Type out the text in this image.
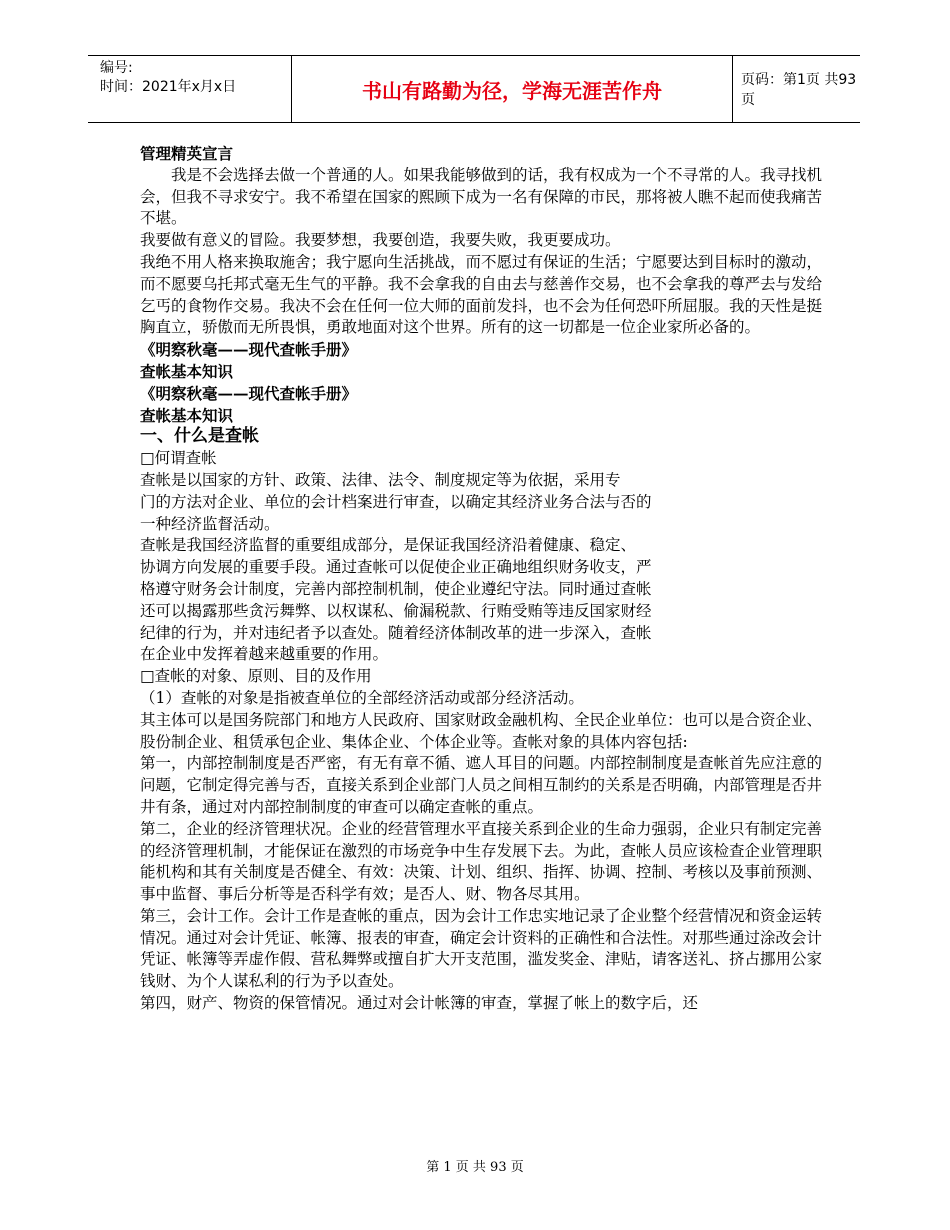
编号:
时间：2021年x月x日	书山有路勤为径，学海无涯苦作舟	页码：第1页 共93页

管理精英宣言

我是不会选择去做一个普通的人。如果我能够做到的话，我有权成为一个不寻常的人。我寻找机会，但我不寻求安宁。我不希望在国家的熙顾下成为一名有保障的市民，那将被人瞧不起而使我痛苦不堪。

我要做有意义的冒险。我要梦想，我要创造，我要失败，我更要成功。

我绝不用人格来换取施舍；我宁愿向生活挑战，而不愿过有保证的生活；宁愿要达到目标时的激动，而不愿要乌托邦式毫无生气的平静。我不会拿我的自由去与慈善作交易，也不会拿我的尊严去与发给乞丐的食物作交易。我决不会在任何一位大师的面前发抖，也不会为任何恐吓所屈服。我的天性是挺胸直立，骄傲而无所畏惧，勇敢地面对这个世界。所有的这一切都是一位企业家所必备的。

《明察秋毫——现代查帐手册》

查帐基本知识

《明察秋毫——现代查帐手册》

查帐基本知识

一、什么是查帐

□何谓查帐

查帐是以国家的方针、政策、法律、法令、制度规定等为依据，采用专

门的方法对企业、单位的会计档案进行审查，以确定其经济业务合法与否的

一种经济监督活动。

查帐是我国经济监督的重要组成部分，是保证我国经济沿着健康、稳定、

协调方向发展的重要手段。通过查帐可以促使企业正确地组织财务收支，严

格遵守财务会计制度，完善内部控制机制，使企业遵纪守法。同时通过查帐

还可以揭露那些贪污舞弊、以权谋私、偷漏税款、行贿受贿等违反国家财经

纪律的行为，并对违纪者予以查处。随着经济体制改革的进一步深入，查帐

在企业中发挥着越来越重要的作用。

□查帐的对象、原则、目的及作用

（1）查帐的对象是指被查单位的全部经济活动或部分经济活动。

其主体可以是国务院部门和地方人民政府、国家财政金融机构、全民企业单位：也可以是合资企业、股份制企业、租赁承包企业、集体企业、个体企业等。查帐对象的具体内容包括:

第一，内部控制制度是否严密，有无有章不循、遮人耳目的问题。内部控制制度是查帐首先应注意的问题，它制定得完善与否，直接关系到企业部门人员之间相互制约的关系是否明确，内部管理是否井井有条，通过对内部控制制度的审查可以确定查帐的重点。

第二，企业的经济管理状况。企业的经营管理水平直接关系到企业的生命力强弱，企业只有制定完善的经济管理机制，才能保证在激烈的市场竞争中生存发展下去。为此，查帐人员应该检查企业管理职能机构和其有关制度是否健全、有效：决策、计划、组织、指挥、协调、控制、考核以及事前预测、事中监督、事后分析等是否科学有效；是否人、财、物各尽其用。

第三，会计工作。会计工作是查帐的重点，因为会计工作忠实地记录了企业整个经营情况和资金运转情况。通过对会计凭证、帐簿、报表的审查，确定会计资料的正确性和合法性。对那些通过涂改会计凭证、帐簿等弄虚作假、营私舞弊或擅自扩大开支范围，滥发奖金、津贴，请客送礼、挤占挪用公家钱财、为个人谋私利的行为予以查处。

第四，财产、物资的保管情况。通过对会计帐簿的审查，掌握了帐上的数字后，还

第 1 页 共 93 页
